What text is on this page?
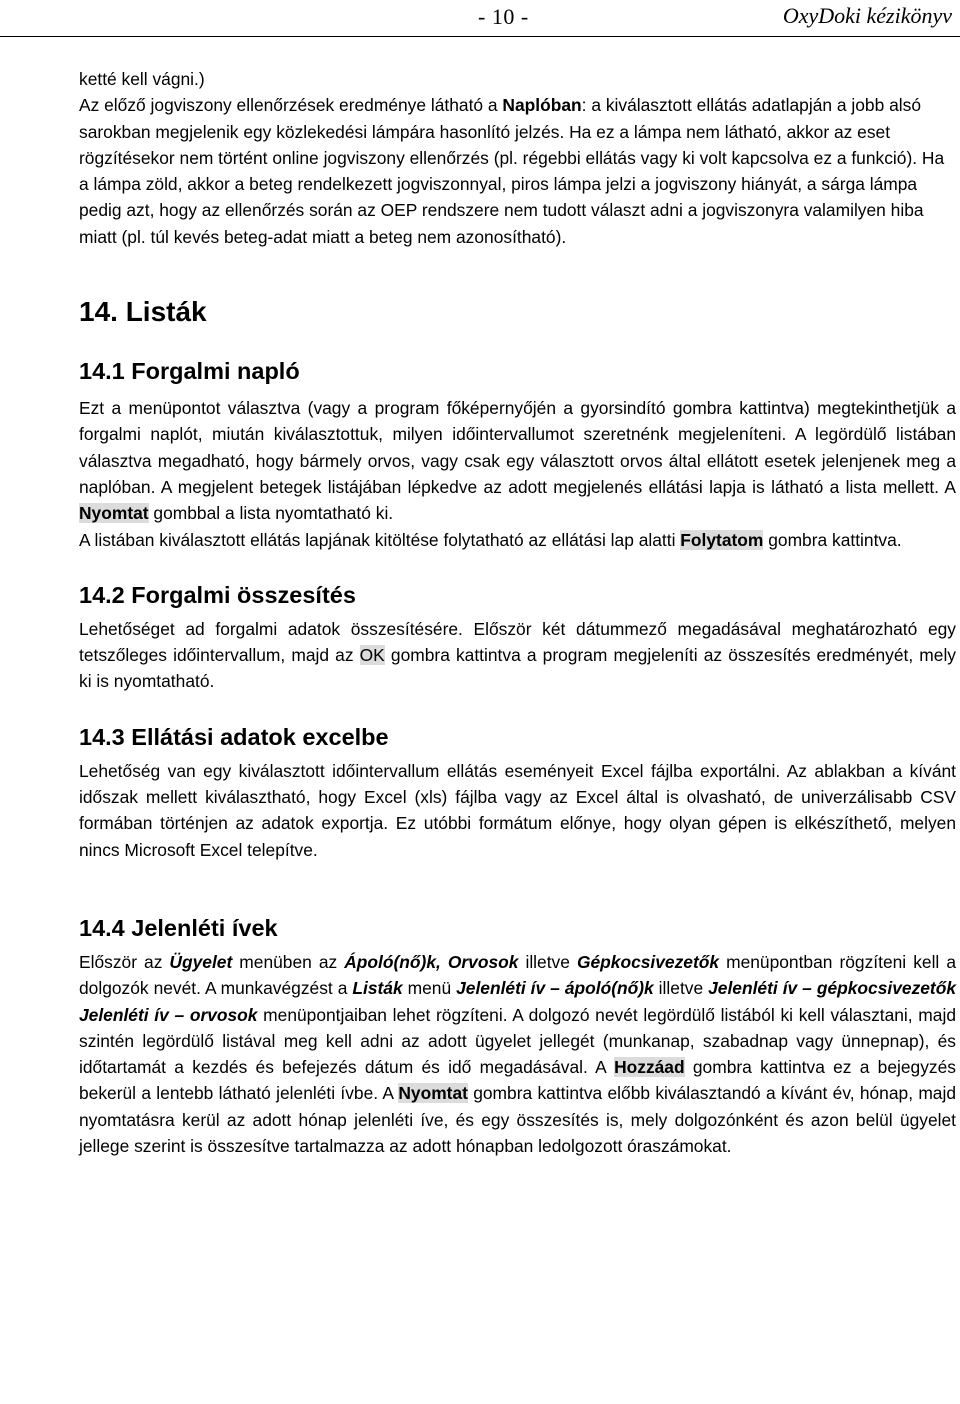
- 10 -	OxyDoki kézikönyv

ketté kell vágni.)

Az előző jogviszony ellenőrzések eredménye látható a Naplóban: a kiválasztott ellátás adatlapján a jobb alsó sarokban megjelenik egy közlekedési lámpára hasonlító jelzés. Ha ez a lámpa nem látható, akkor az eset rögzítésekor nem történt online jogviszony ellenőrzés (pl. régebbi ellátás vagy ki volt kapcsolva ez a funkció). Ha a lámpa zöld, akkor a beteg rendelkezett jogviszonnyal, piros lámpa jelzi a jogviszony hiányát, a sárga lámpa pedig azt, hogy az ellenőrzés során az OEP rendszere nem tudott választ adni a jogviszonyra valamilyen hiba miatt (pl. túl kevés beteg-adat miatt a beteg nem azonosítható).

14. Listák
14.1 Forgalmi napló

Ezt a menüpontot választva (vagy a program főképernyőjén a gyorsindító gombra kattintva) megtekinthetjük a forgalmi naplót, miután kiválasztottuk, milyen időintervallumot szeretnénk megjeleníteni. A legördülő listában választva megadható, hogy bármely orvos, vagy csak egy választott orvos által ellátott esetek jelenjenek meg a naplóban. A megjelent betegek listájában lépkedve az adott megjelenés ellátási lapja is látható a lista mellett. A Nyomtat gombbal a lista nyomtatható ki.

A listában kiválasztott ellátás lapjának kitöltése folytatható az ellátási lap alatti Folytatom gombra kattintva.

14.2 Forgalmi összesítés

Lehetőséget ad forgalmi adatok összesítésére. Először két dátummező megadásával meghatározható egy tetszőleges időintervallum, majd az OK gombra kattintva a program megjeleníti az összesítés eredményét, mely ki is nyomtatható.

14.3 Ellátási adatok excelbe

Lehetőség van egy kiválasztott időintervallum ellátás eseményeit Excel fájlba exportálni. Az ablakban a kívánt időszak mellett kiválasztható, hogy Excel (xls) fájlba vagy az Excel által is olvasható, de univerzálisabb CSV formában történjen az adatok exportja. Ez utóbbi formátum előnye, hogy olyan gépen is elkészíthető, melyen nincs Microsoft Excel telepítve.

14.4 Jelenléti ívek

Először az Ügyelet menüben az Ápoló(nő)k, Orvosok illetve Gépkocsivezetők menüpontban rögzíteni kell a dolgozók nevét. A munkavégzést a Listák menü Jelenléti ív – ápoló(nő)k illetve Jelenléti ív – gépkocsivezetők Jelenléti ív – orvosok menüpontjaiban lehet rögzíteni. A dolgozó nevét legördülő listából ki kell választani, majd szintén legördülő listával meg kell adni az adott ügyelet jellegét (munkanap, szabadnap vagy ünnepnap), és időtartamát a kezdés és befejezés dátum és idő megadásával. A Hozzáad gombra kattintva ez a bejegyzés bekerül a lentebb látható jelenléti ívbe. A Nyomtat gombra kattintva előbb kiválasztandó a kívánt év, hónap, majd nyomtatásra kerül az adott hónap jelenléti íve, és egy összesítés is, mely dolgozónként és azon belül ügyelet jellege szerint is összesítve tartalmazza az adott hónapban ledolgozott óraszámokat.
